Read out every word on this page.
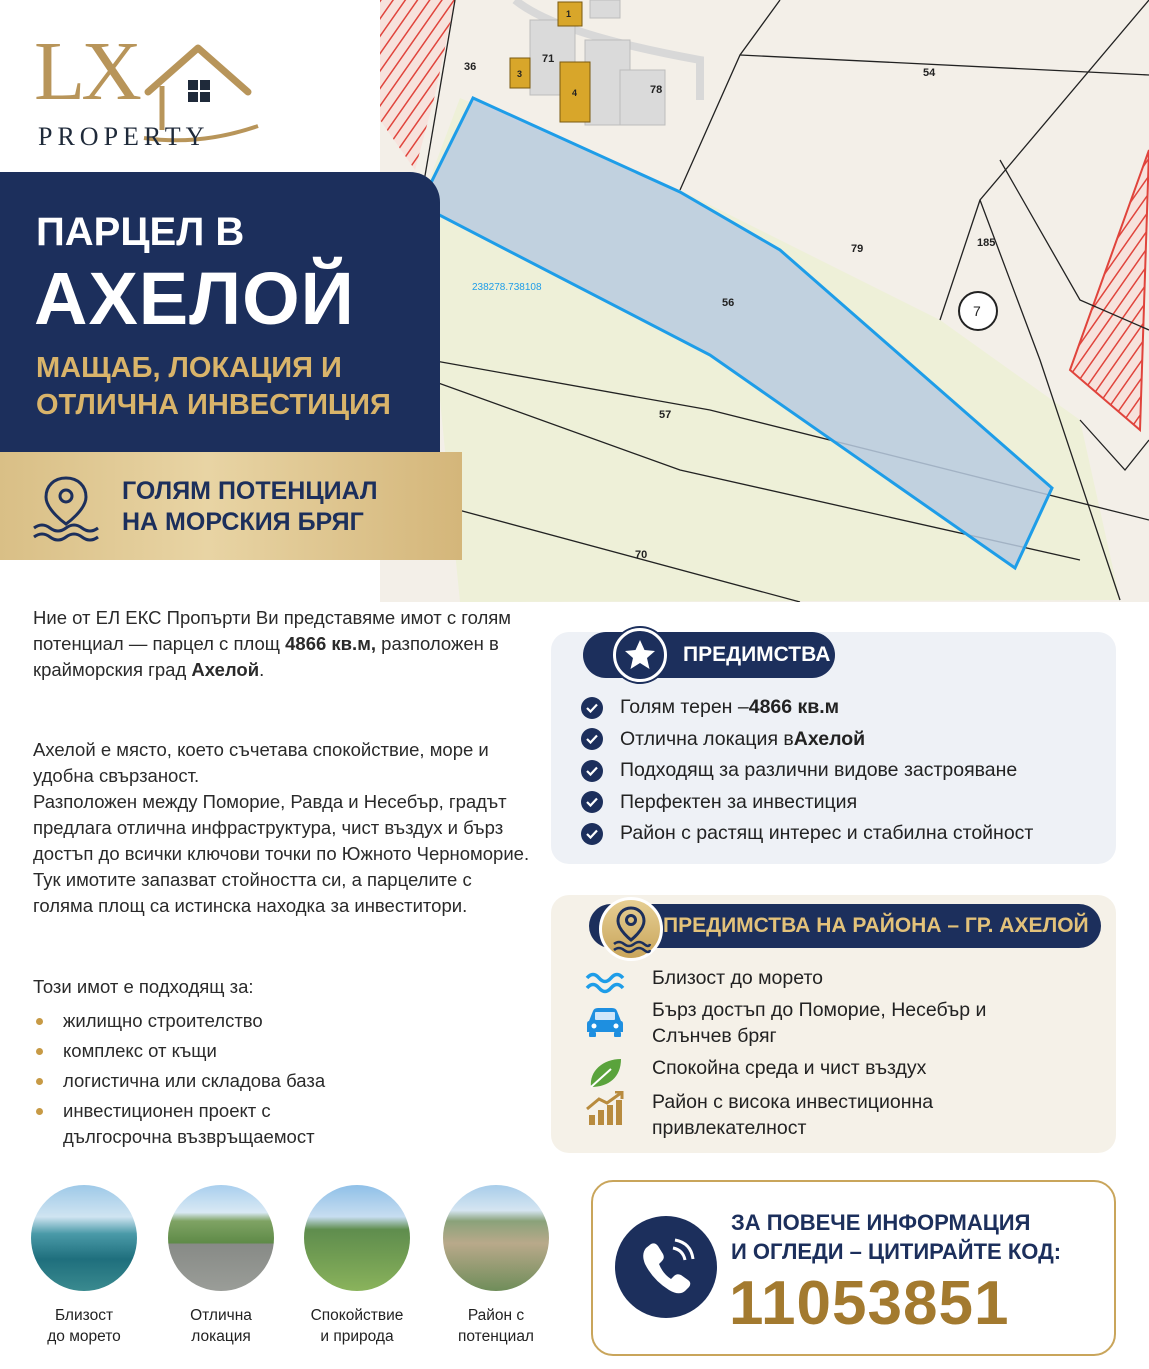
LX
PROPERTY
36
71
78
54
79	185
7
56
57
70
1
3
4
238278.738108
ПАРЦЕЛ В
АХЕЛОЙ
МАЩАБ, ЛОКАЦИЯ И
ОТЛИЧНА ИНВЕСТИЦИЯ
ГОЛЯМ ПОТЕНЦИАЛ
НА МОРСКИЯ БРЯГ
Ние от ЕЛ ЕКС Пропърти Ви представяме имот с голям потенциал — парцел с площ 4866 кв.м, разположен в крайморския град Ахелой.
Ахелой е място, което съчетава спокойствие, море и удобна свързаност.
Разположен между Поморие, Равда и Несебър, градът предлага отлична инфраструктура, чист въздух и бърз достъп до всички ключови точки по Южното Черноморие.
Тук имотите запазват стойността си, а парцелите с голяма площ са истинска находка за инвеститори.
Този имот е подходящ за:
жилищно строителство
комплекс от къщи
логистична или складова база
инвестиционен проект с дългосрочна възвръщаемост
ПРЕДИМСТВА
Голям терен – 4866 кв.м
Отлична локация в Ахелой
Подходящ за различни видове застрояване
Перфектен за инвестиция
Район с растящ интерес и стабилна стойност
ПРЕДИМСТВА НА РАЙОНА – ГР. АХЕЛОЙ
Близост до морето
Бърз достъп до Поморие, Несебър и Слънчев бряг
Спокойна среда и чист въздух
Район с висока инвестиционна привлекателност
Близост
до морето
Отлична
локация
Спокойствие
и природа
Район с
потенциал
ЗА ПОВЕЧЕ ИНФОРМАЦИЯ
И ОГЛЕДИ – ЦИТИРАЙТЕ КОД:
11053851
